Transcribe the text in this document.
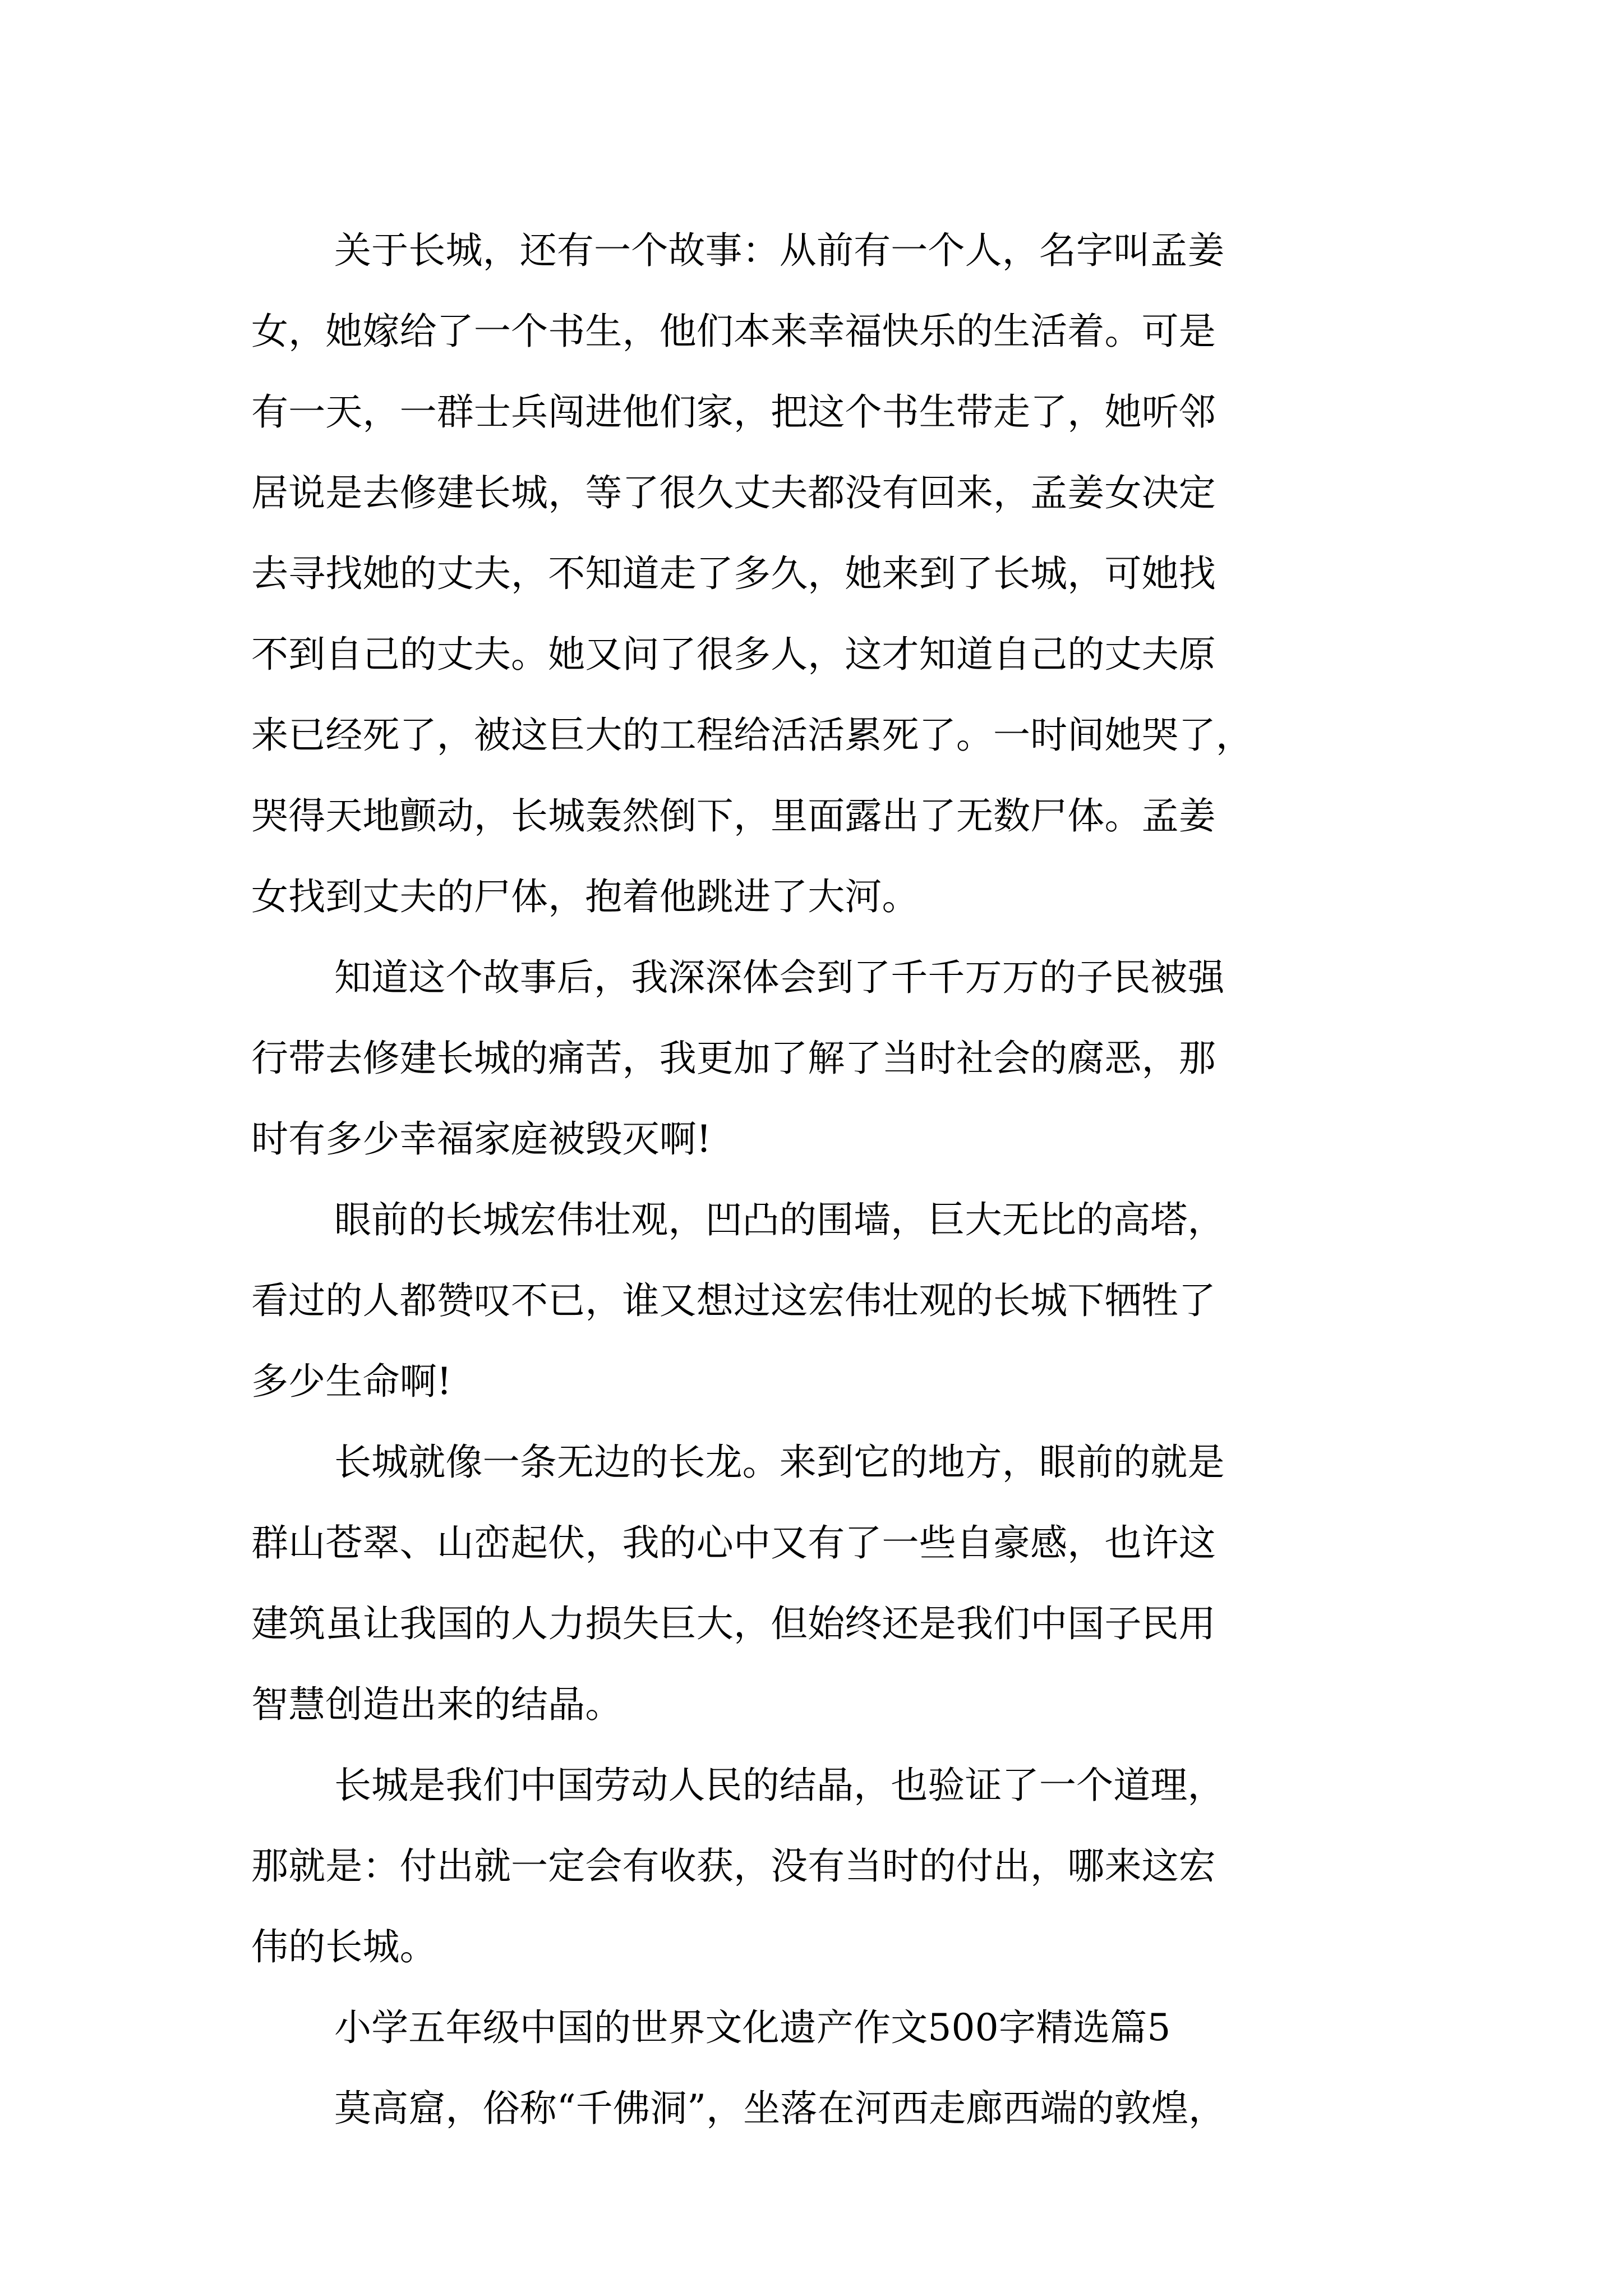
关于长城，还有一个故事：从前有一个人，名字叫孟姜
女，她嫁给了一个书生，他们本来幸福快乐的生活着。可是
有一天，一群士兵闯进他们家，把这个书生带走了，她听邻
居说是去修建长城，等了很久丈夫都没有回来，孟姜女决定
去寻找她的丈夫，不知道走了多久，她来到了长城，可她找
不到自己的丈夫。她又问了很多人，这才知道自己的丈夫原
来已经死了，被这巨大的工程给活活累死了。一时间她哭了，
哭得天地颤动，长城轰然倒下，里面露出了无数尸体。孟姜
女找到丈夫的尸体，抱着他跳进了大河。

知道这个故事后，我深深体会到了千千万万的子民被强
行带去修建长城的痛苦，我更加了解了当时社会的腐恶，那
时有多少幸福家庭被毁灭啊!

眼前的长城宏伟壮观，凹凸的围墙，巨大无比的高塔，
看过的人都赞叹不已，谁又想过这宏伟壮观的长城下牺牲了
多少生命啊!

长城就像一条无边的长龙。来到它的地方，眼前的就是
群山苍翠、山峦起伏，我的心中又有了一些自豪感，也许这
建筑虽让我国的人力损失巨大，但始终还是我们中国子民用
智慧创造出来的结晶。

长城是我们中国劳动人民的结晶，也验证了一个道理，
那就是：付出就一定会有收获，没有当时的付出，哪来这宏
伟的长城。

小学五年级中国的世界文化遗产作文500字精选篇5

莫高窟，俗称“千佛洞”，坐落在河西走廊西端的敦煌，
